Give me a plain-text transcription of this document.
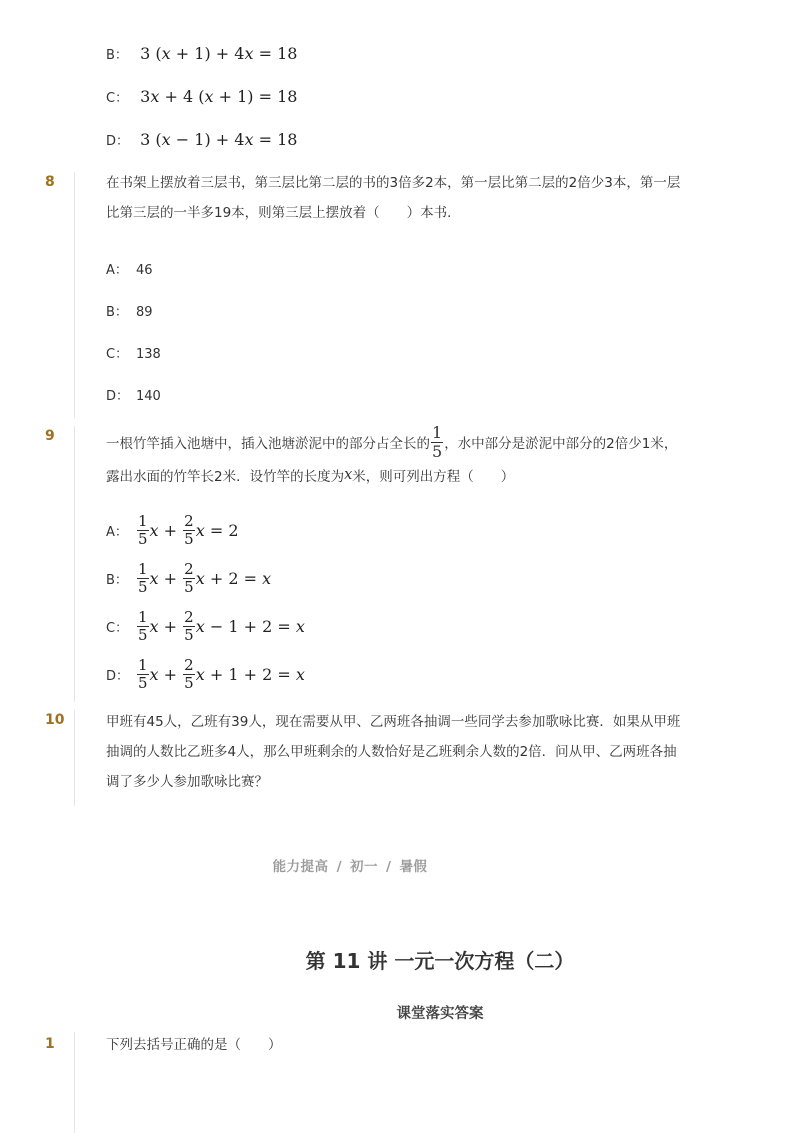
B： 3 (x + 1) + 4x = 18
C： 3x + 4 (x + 1) = 18
D： 3 (x − 1) + 4x = 18
8	在书架上摆放着三层书，第三层比第二层的书的3倍多2本，第一层比第二层的2倍少3本，第一层
比第三层的一半多19本，则第三层上摆放着（　　）本书．
A： 46
B： 89
C： 138
D： 140
9	一根竹竿插入池塘中，插入池塘淤泥中的部分占全长的 $\frac{1}{5}$ ，水中部分是淤泥中部分的2倍少1米，
露出水面的竹竿长2米．设竹竿的长度为 x 米，则可列出方程（　　）
A： $\frac{1}{5}$ $x + \frac{2}{5}$ x = 2
B： $\frac{1}{5}$ $x + \frac{2}{5}$ x + 2 = x
C： $\frac{1}{5}$ $x + \frac{2}{5}$ x − 1 + 2 = x
D： $\frac{1}{5}$ $x + \frac{2}{5}$ x + 1 + 2 = x
10	甲班有45人，乙班有39人，现在需要从甲、乙两班各抽调一些同学去参加歌咏比赛．如果从甲班
抽调的人数比乙班多4人，那么甲班剩余的人数恰好是乙班剩余人数的2倍．问从甲、乙两班各抽
调了多少人参加歌咏比赛？
能力提高 / 初一 / 暑假
第 11 讲 一元一次方程（二）
课堂落实答案
1	下列去括号正确的是（　　）
